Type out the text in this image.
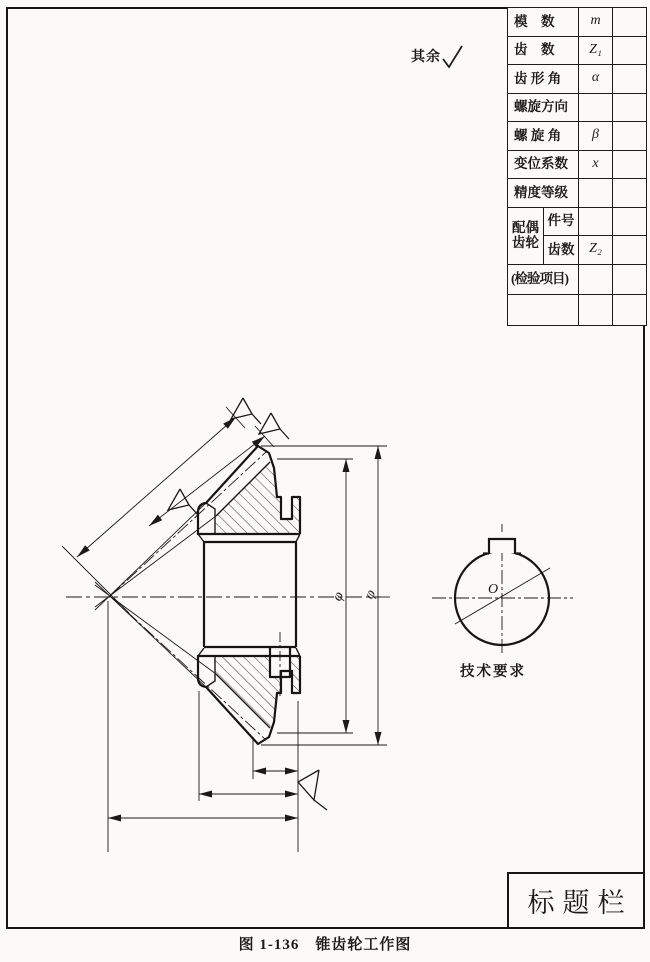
φ φ	O
其余
模　数		m	
齿　数		Z₁	
齿 形 角		α	
螺旋方向			
螺 旋 角		β	
变位系数		x	
精度等级			

配偶
齿轮	件号		
	齿数	Z₂	
(检验项目)			

技术要求
标题栏
图 1-136　锥齿轮工作图
